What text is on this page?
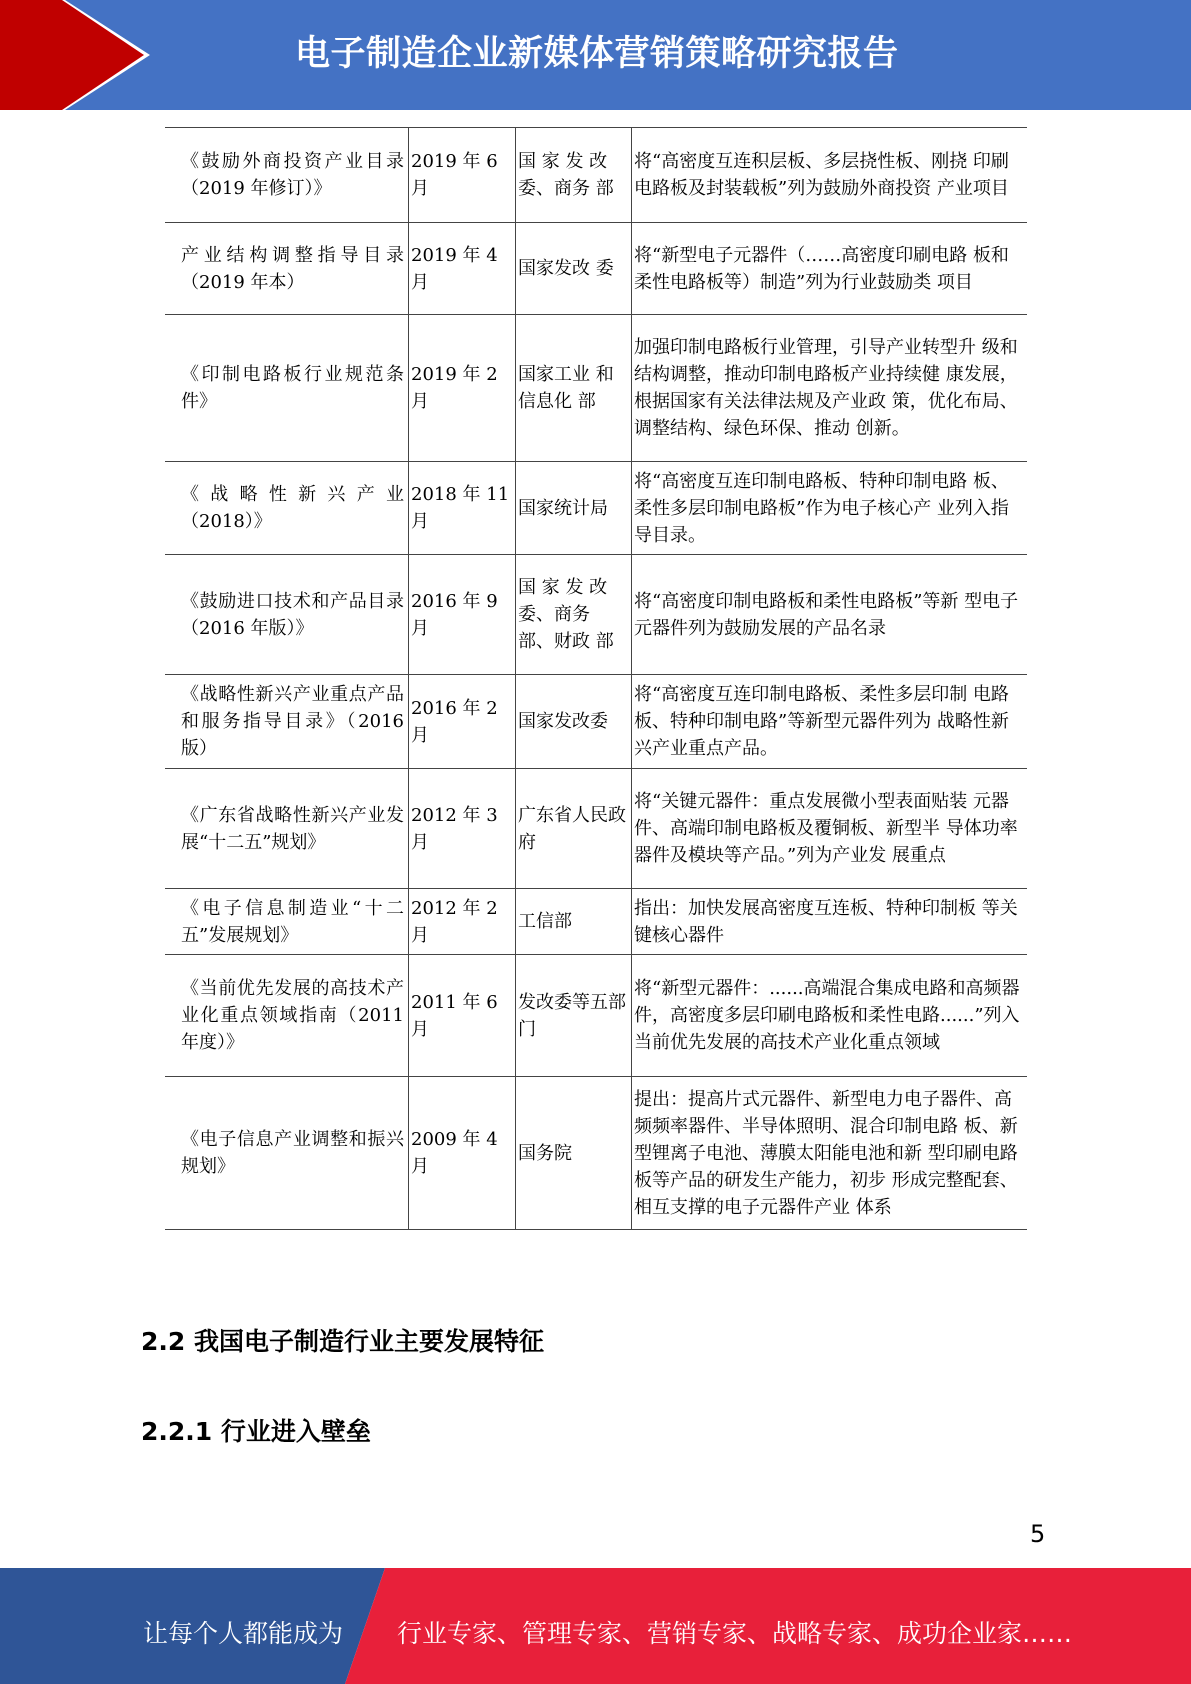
电子制造企业新媒体营销策略研究报告
《鼓励外商投资产业目录（2019 年修订）》	2019 年 6 月	国 家 发 改 委、商务 部	将“高密度互连积层板、多层挠性板、刚挠 印刷电路板及封装载板”列为鼓励外商投资 产业项目

产业结构调整指导目录（2019 年本）	2019 年 4 月	国家发改 委	将“新型电子元器件（……高密度印刷电路 板和柔性电路板等）制造”列为行业鼓励类 项目

《印制电路板行业规范条件》	2019 年 2 月	国家工业 和信息化 部	加强印制电路板行业管理，引导产业转型升 级和结构调整，推动印制电路板产业持续健 康发展，根据国家有关法律法规及产业政 策，优化布局、调整结构、绿色环保、推动 创新。

《战略性新兴产业（2018）》	2018 年 11 月	国家统计局	将“高密度互连印制电路板、特种印制电路 板、柔性多层印制电路板”作为电子核心产 业列入指导目录。

《鼓励进口技术和产品目录（2016 年版）》	2016 年 9 月	国 家 发 改 委、商务 部、财政 部	将“高密度印制电路板和柔性电路板”等新 型电子元器件列为鼓励发展的产品名录

《战略性新兴产业重点产品和服务指导目录》（2016 版）	2016 年 2 月	国家发改委	将“高密度互连印制电路板、柔性多层印制 电路板、特种印制电路”等新型元器件列为 战略性新兴产业重点产品。

《广东省战略性新兴产业发展“十二五”规划》	2012 年 3 月	广东省人民政府	将“关键元器件：重点发展微小型表面贴装 元器件、高端印制电路板及覆铜板、新型半 导体功率器件及模块等产品。”列为产业发 展重点

《电子信息制造业“十二五”发展规划》	2012 年 2 月	工信部	指出：加快发展高密度互连板、特种印制板 等关键核心器件

《当前优先发展的高技术产业化重点领域指南（2011 年度）》	2011 年 6 月	发改委等五部门	将“新型元器件：......高端混合集成电路和高频器件，高密度多层印刷电路板和柔性电路......”列入当前优先发展的高技术产业化重点领域

《电子信息产业调整和振兴规划》	2009 年 4 月	国务院	提出：提高片式元器件、新型电力电子器件、高频频率器件、半导体照明、混合印制电路 板、新型锂离子电池、薄膜太阳能电池和新 型印刷电路板等产品的研发生产能力，初步 形成完整配套、相互支撑的电子元器件产业 体系
2.2 我国电子制造行业主要发展特征
2.2.1 行业进入壁垒
5
让每个人都能成为 行业专家、管理专家、营销专家、战略专家、成功企业家……
